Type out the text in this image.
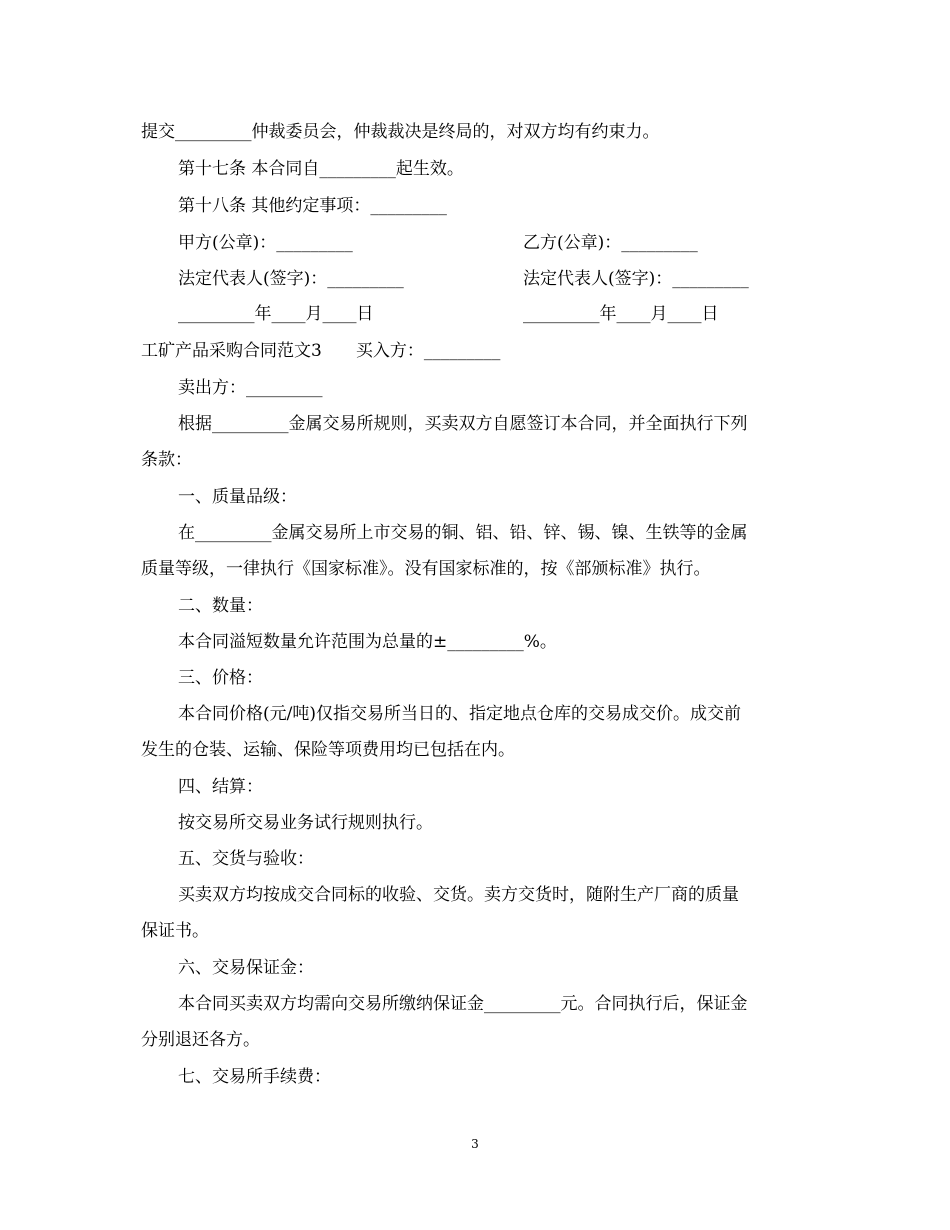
提交_________仲裁委员会，仲裁裁决是终局的，对双方均有约束力。
第十七条 本合同自_________起生效。
第十八条 其他约定事项：_________
甲方(公章)：_________	乙方(公章)：_________
法定代表人(签字)：_________	法定代表人(签字)：_________
_________年____月____日	_________年____月____日
工矿产品采购合同范文3　　买入方：_________
卖出方：_________
根据_________金属交易所规则，买卖双方自愿签订本合同，并全面执行下列
条款：
一、质量品级：
在_________金属交易所上市交易的铜、铝、铅、锌、锡、镍、生铁等的金属
质量等级，一律执行《国家标准》。没有国家标准的，按《部颁标准》执行。
二、数量：
本合同溢短数量允许范围为总量的±_________%。
三、价格：
本合同价格(元/吨)仅指交易所当日的、指定地点仓库的交易成交价。成交前
发生的仓装、运输、保险等项费用均已包括在内。
四、结算：
按交易所交易业务试行规则执行。
五、交货与验收：
买卖双方均按成交合同标的收验、交货。卖方交货时，随附生产厂商的质量
保证书。
六、交易保证金：
本合同买卖双方均需向交易所缴纳保证金_________元。合同执行后，保证金
分别退还各方。
七、交易所手续费：
3
